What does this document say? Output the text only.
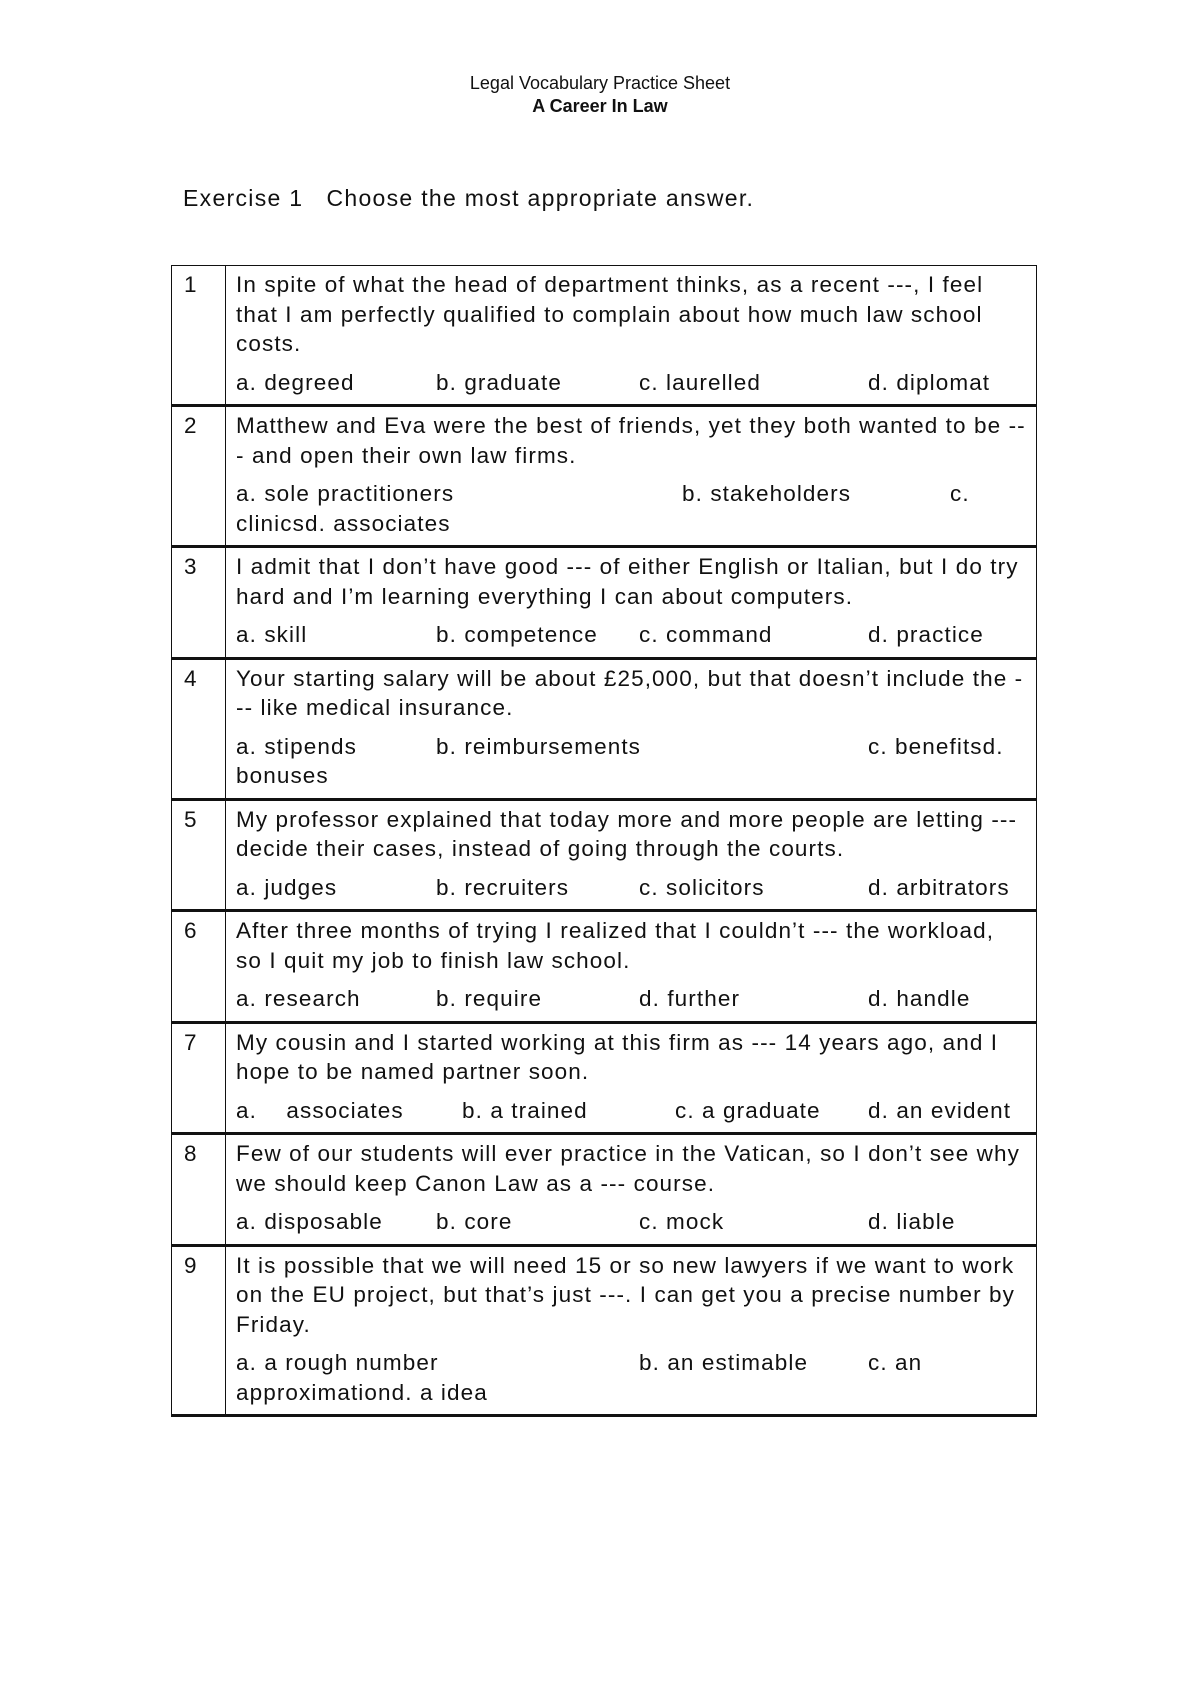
Legal Vocabulary Practice Sheet
A Career In Law
Exercise 1   Choose the most appropriate answer.
1	In spite of what the head of department thinks, as a recent ---, I feel that I am perfectly qualified to complain about how much law school costs.
a. degreed b. graduate c. laurelled d. diplomat

2	Matthew and Eva were the best of friends, yet they both wanted to be --- and open their own law firms.
a. sole practitioners b. stakeholders c. clinicsd. associates

3	I admit that I don’t have good --- of either English or Italian, but I do try hard and I’m learning everything I can about computers.
a. skill b. competence c. command d. practice

4	Your starting salary will be about £25,000, but that doesn’t include the --- like medical insurance.
a. stipends b. reimbursements c. benefitsd. bonuses

5	My professor explained that today more and more people are letting --- decide their cases, instead of going through the courts.
a. judges b. recruiters c. solicitors d. arbitrators

6	After three months of trying I realized that I couldn’t --- the workload, so I quit my job to finish law school.
a. research b. require d. further d. handle

7	My cousin and I started working at this firm as --- 14 years ago, and I hope to be named partner soon.
a.    associates b. a trained c. a graduate d. an evident

8	Few of our students will ever practice in the Vatican, so I don’t see why we should keep Canon Law as a --- course.
a. disposable b. core c. mock d. liable

9	It is possible that we will need 15 or so new lawyers if we want to work on the EU project, but that’s just ---. I can get you a precise number by Friday.
a. a rough number b. an estimable c. an approximationd. a idea
